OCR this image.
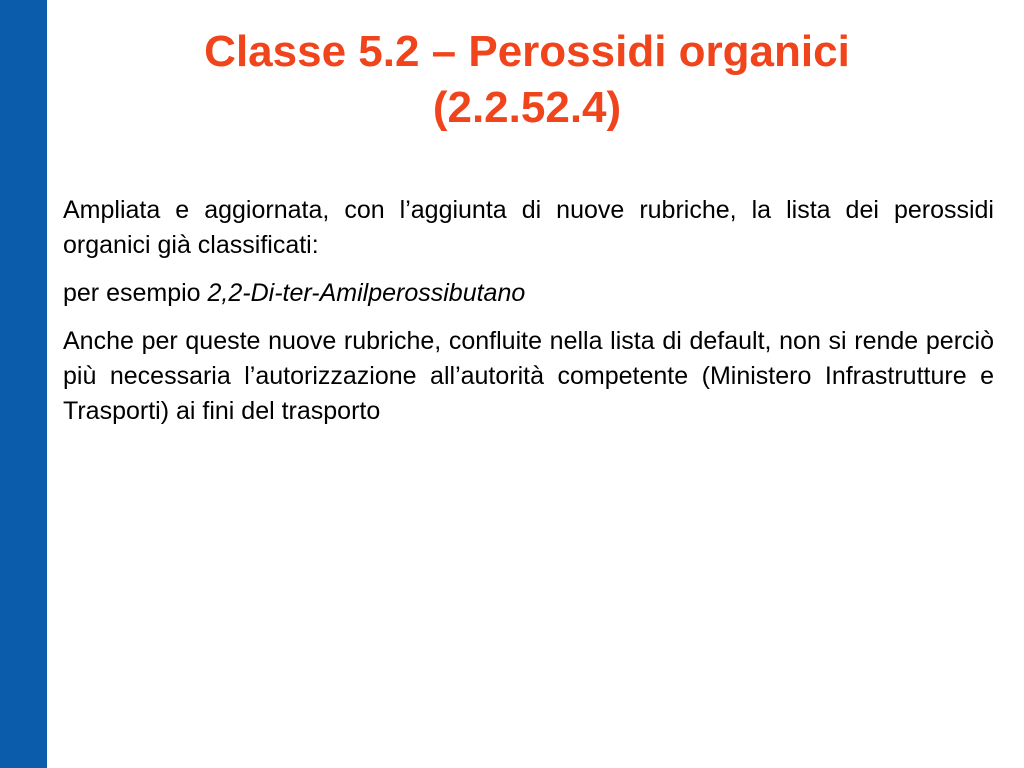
Classe 5.2 – Perossidi organici
(2.2.52.4)

Ampliata e aggiornata, con l’aggiunta di nuove rubriche, la lista dei perossidi organici già classificati:

per esempio 2,2-Di-ter-Amilperossibutano

Anche per queste nuove rubriche, confluite nella lista di default, non si rende perciò più necessaria l’autorizzazione all’autorità competente (Ministero Infrastrutture e Trasporti) ai fini del trasporto
